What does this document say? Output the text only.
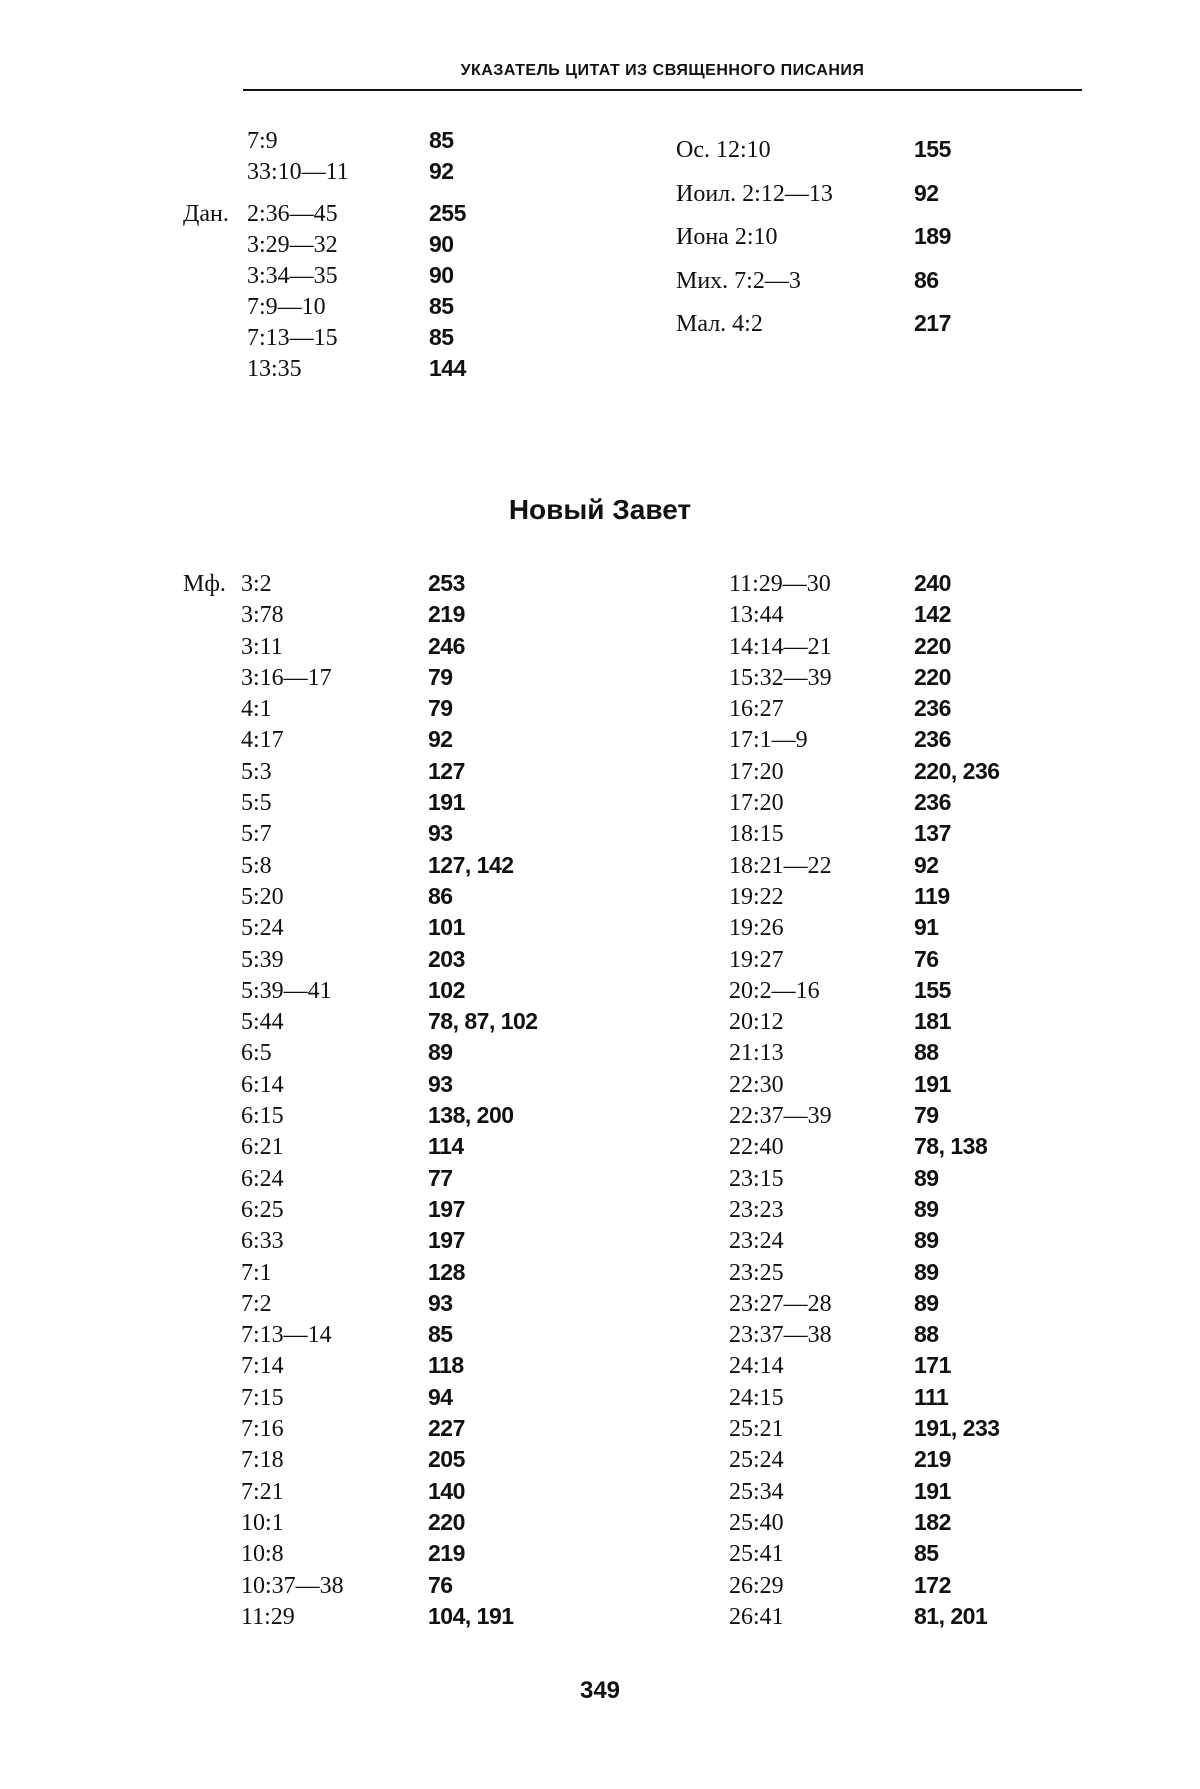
УКАЗАТЕЛЬ ЦИТАТ ИЗ СВЯЩЕННОГО ПИСАНИЯ
7:9	85
33:10—11	92
Дан. 2:36—45	255
3:29—32	90
3:34—35	90
7:9—10	85
7:13—15	85
13:35	144
Ос. 12:10	155
Иоил. 2:12—13	92
Иона 2:10	189
Мих. 7:2—3	86
Мал. 4:2	217
Новый Завет
Мф. 3:2	253
3:78	219
3:11	246
3:16—17	79
4:1	79
4:17	92
5:3	127
5:5	191
5:7	93
5:8	127, 142
5:20	86
5:24	101
5:39	203
5:39—41	102
5:44	78, 87, 102
6:5	89
6:14	93
6:15	138, 200
6:21	114
6:24	77
6:25	197
6:33	197
7:1	128
7:2	93
7:13—14	85
7:14	118
7:15	94
7:16	227
7:18	205
7:21	140
10:1	220
10:8	219
10:37—38	76
11:29	104, 191
11:29—30	240
13:44	142
14:14—21	220
15:32—39	220
16:27	236
17:1—9	236
17:20	220, 236
17:20	236
18:15	137
18:21—22	92
19:22	119
19:26	91
19:27	76
20:2—16	155
20:12	181
21:13	88
22:30	191
22:37—39	79
22:40	78, 138
23:15	89
23:23	89
23:24	89
23:25	89
23:27—28	89
23:37—38	88
24:14	171
24:15	111
25:21	191, 233
25:24	219
25:34	191
25:40	182
25:41	85
26:29	172
26:41	81, 201
349
